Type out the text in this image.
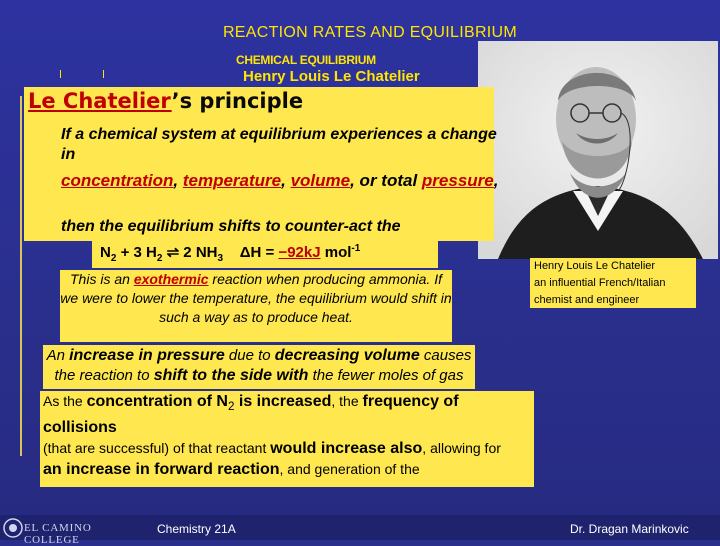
REACTION RATES AND EQUILIBRIUM
CHEMICAL EQUILIBRIUM
Henry Louis Le Chatelier
Henry Louis Le Chatelier
an influential French/Italian
chemist and engineer
Le Chatelier’s principle
If a chemical system at equilibrium experiences a change in
concentration, temperature, volume, or total pressure,
then the equilibrium shifts to counter-act the
$N_2 + 3$ $H_2$ ⇌ 2 $NH_3$ ΔH = −92kJ mol$^{-1}$
This is an exothermic reaction when producing ammonia. If we were to lower the temperature, the equilibrium would shift in such a way as to produce heat.
An increase in pressure due to decreasing volume causes the reaction to shift to the side with the fewer moles of gas
As the concentration of $N_2$ is increased, the frequency of collisions
(that are successful) of that reactant would increase also, allowing for
an increase in forward reaction, and generation of the
EL CAMINO COLLEGE
Chemistry 21A	Dr. Dragan Marinkovic
